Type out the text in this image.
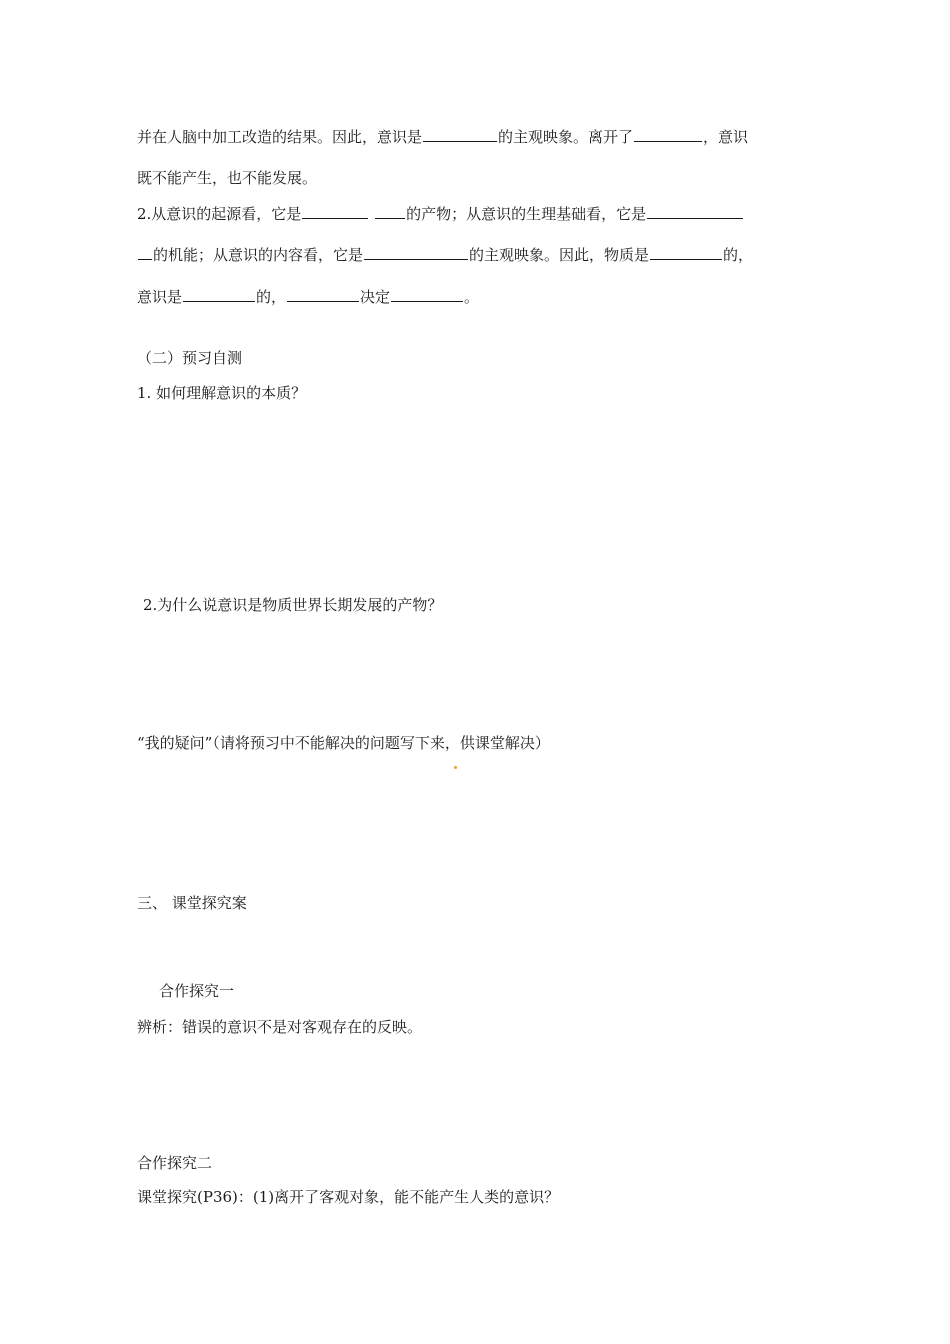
并在人脑中加工改造的结果。因此，意识是	的主观映象。离开了	，意识
既不能产生，也不能发展。
2.从意识的起源看，它是	的产物；从意识的生理基础看，它是
的机能；从意识的内容看，它是	的主观映象。因此，物质是	的，
意识是	的，	决定	。
（二）预习自测
1. 如何理解意识的本质？
2.为什么说意识是物质世界长期发展的产物？
“我的疑问”（请将预习中不能解决的问题写下来，供课堂解决）
三、 课堂探究案
合作探究一
辨析：错误的意识不是对客观存在的反映。
合作探究二
课堂探究(P36)：(1)离开了客观对象，能不能产生人类的意识？
